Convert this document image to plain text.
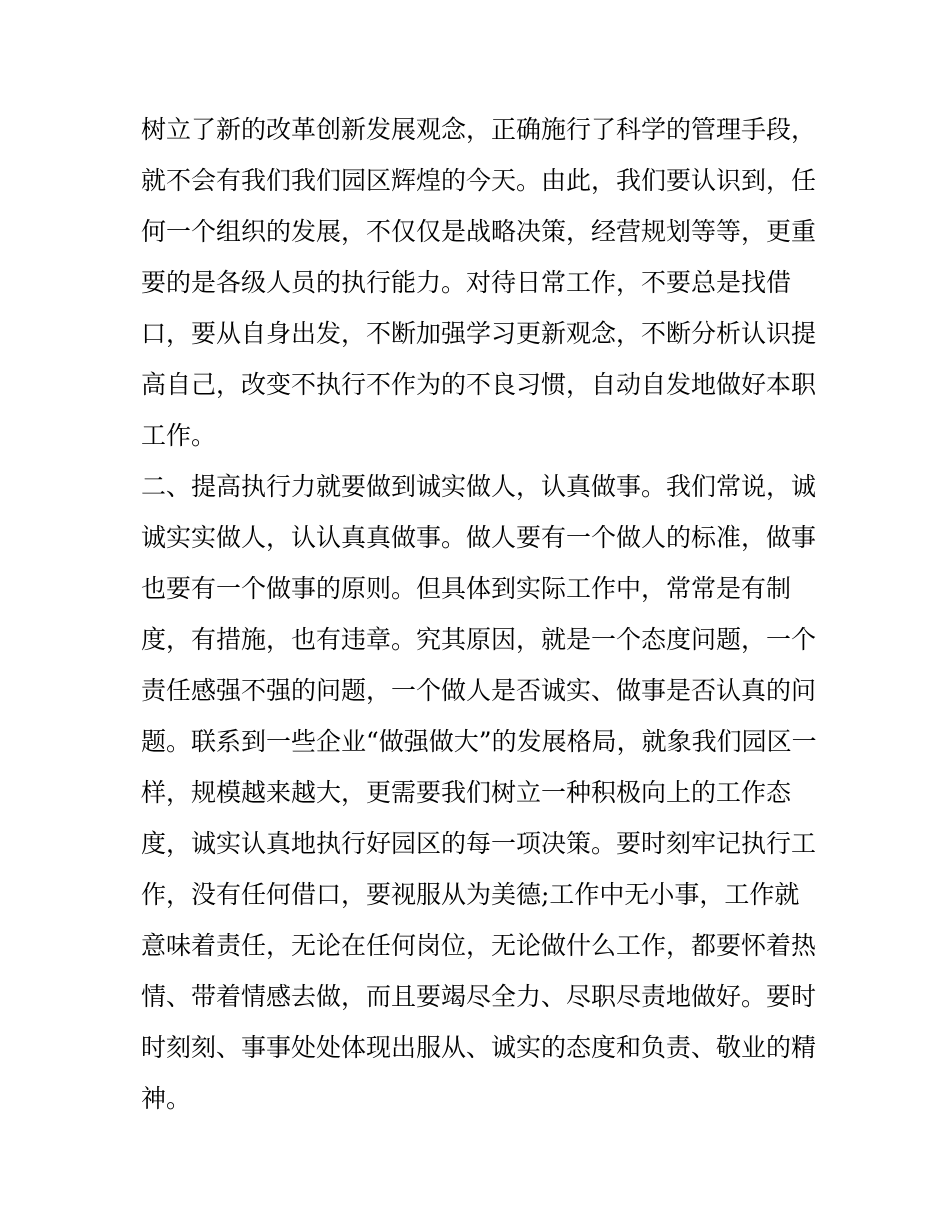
树立了新的改革创新发展观念，正确施行了科学的管理手段，
就不会有我们我们园区辉煌的今天。由此，我们要认识到，任
何一个组织的发展，不仅仅是战略决策，经营规划等等，更重
要的是各级人员的执行能力。对待日常工作，不要总是找借
口，要从自身出发，不断加强学习更新观念，不断分析认识提
高自己，改变不执行不作为的不良习惯，自动自发地做好本职
工作。
二、提高执行力就要做到诚实做人，认真做事。我们常说，诚
诚实实做人，认认真真做事。做人要有一个做人的标准，做事
也要有一个做事的原则。但具体到实际工作中，常常是有制
度，有措施，也有违章。究其原因，就是一个态度问题，一个
责任感强不强的问题，一个做人是否诚实、做事是否认真的问
题。联系到一些企业“做强做大”的发展格局，就象我们园区一
样，规模越来越大，更需要我们树立一种积极向上的工作态
度，诚实认真地执行好园区的每一项决策。要时刻牢记执行工
作，没有任何借口，要视服从为美德;工作中无小事，工作就
意味着责任，无论在任何岗位，无论做什么工作，都要怀着热
情、带着情感去做，而且要竭尽全力、尽职尽责地做好。要时
时刻刻、事事处处体现出服从、诚实的态度和负责、敬业的精
神。
